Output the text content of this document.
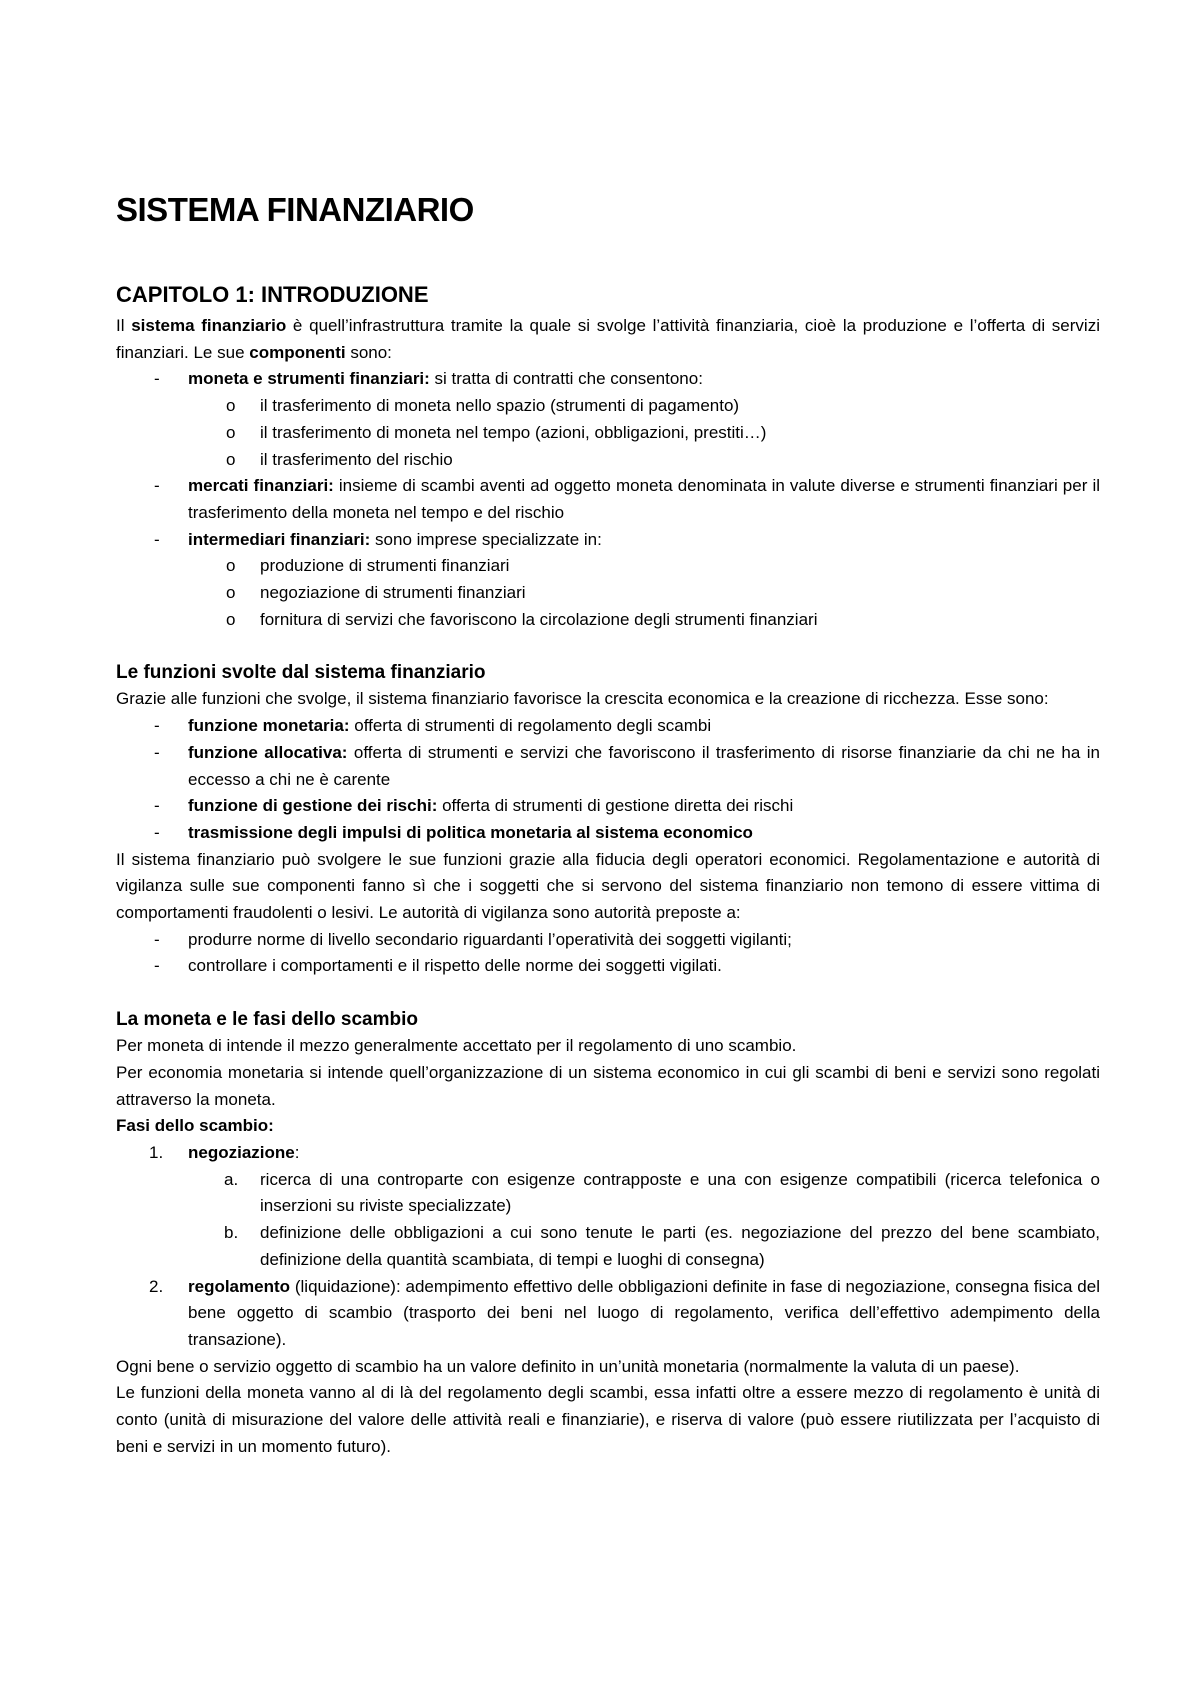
SISTEMA FINANZIARIO
CAPITOLO 1: INTRODUZIONE

Il sistema finanziario è quell’infrastruttura tramite la quale si svolge l’attività finanziaria, cioè la produzione e l’offerta di servizi finanziari. Le sue componenti sono:

- moneta e strumenti finanziari: si tratta di contratti che consentono:
o il trasferimento di moneta nello spazio (strumenti di pagamento)
o il trasferimento di moneta nel tempo (azioni, obbligazioni, prestiti…)
o il trasferimento del rischio
- mercati finanziari: insieme di scambi aventi ad oggetto moneta denominata in valute diverse e strumenti finanziari per il trasferimento della moneta nel tempo e del rischio
- intermediari finanziari: sono imprese specializzate in:
o produzione di strumenti finanziari
o negoziazione di strumenti finanziari
o fornitura di servizi che favoriscono la circolazione degli strumenti finanziari
Le funzioni svolte dal sistema finanziario

Grazie alle funzioni che svolge, il sistema finanziario favorisce la crescita economica e la creazione di ricchezza. Esse sono:

- funzione monetaria: offerta di strumenti di regolamento degli scambi
- funzione allocativa: offerta di strumenti e servizi che favoriscono il trasferimento di risorse finanziarie da chi ne ha in eccesso a chi ne è carente
- funzione di gestione dei rischi: offerta di strumenti di gestione diretta dei rischi
- trasmissione degli impulsi di politica monetaria al sistema economico

Il sistema finanziario può svolgere le sue funzioni grazie alla fiducia degli operatori economici. Regolamentazione e autorità di vigilanza sulle sue componenti fanno sì che i soggetti che si servono del sistema finanziario non temono di essere vittima di comportamenti fraudolenti o lesivi. Le autorità di vigilanza sono autorità preposte a:

- produrre norme di livello secondario riguardanti l’operatività dei soggetti vigilanti;
- controllare i comportamenti e il rispetto delle norme dei soggetti vigilati.
La moneta e le fasi dello scambio

Per moneta di intende il mezzo generalmente accettato per il regolamento di uno scambio.

Per economia monetaria si intende quell’organizzazione di un sistema economico in cui gli scambi di beni e servizi sono regolati attraverso la moneta.

Fasi dello scambio:

1. negoziazione:
a. ricerca di una controparte con esigenze contrapposte e una con esigenze compatibili (ricerca telefonica o inserzioni su riviste specializzate)
b. definizione delle obbligazioni a cui sono tenute le parti (es. negoziazione del prezzo del bene scambiato, definizione della quantità scambiata, di tempi e luoghi di consegna)
2. regolamento (liquidazione): adempimento effettivo delle obbligazioni definite in fase di negoziazione, consegna fisica del bene oggetto di scambio (trasporto dei beni nel luogo di regolamento, verifica dell’effettivo adempimento della transazione).

Ogni bene o servizio oggetto di scambio ha un valore definito in un’unità monetaria (normalmente la valuta di un paese).

Le funzioni della moneta vanno al di là del regolamento degli scambi, essa infatti oltre a essere mezzo di regolamento è unità di conto (unità di misurazione del valore delle attività reali e finanziarie), e riserva di valore (può essere riutilizzata per l’acquisto di beni e servizi in un momento futuro).
